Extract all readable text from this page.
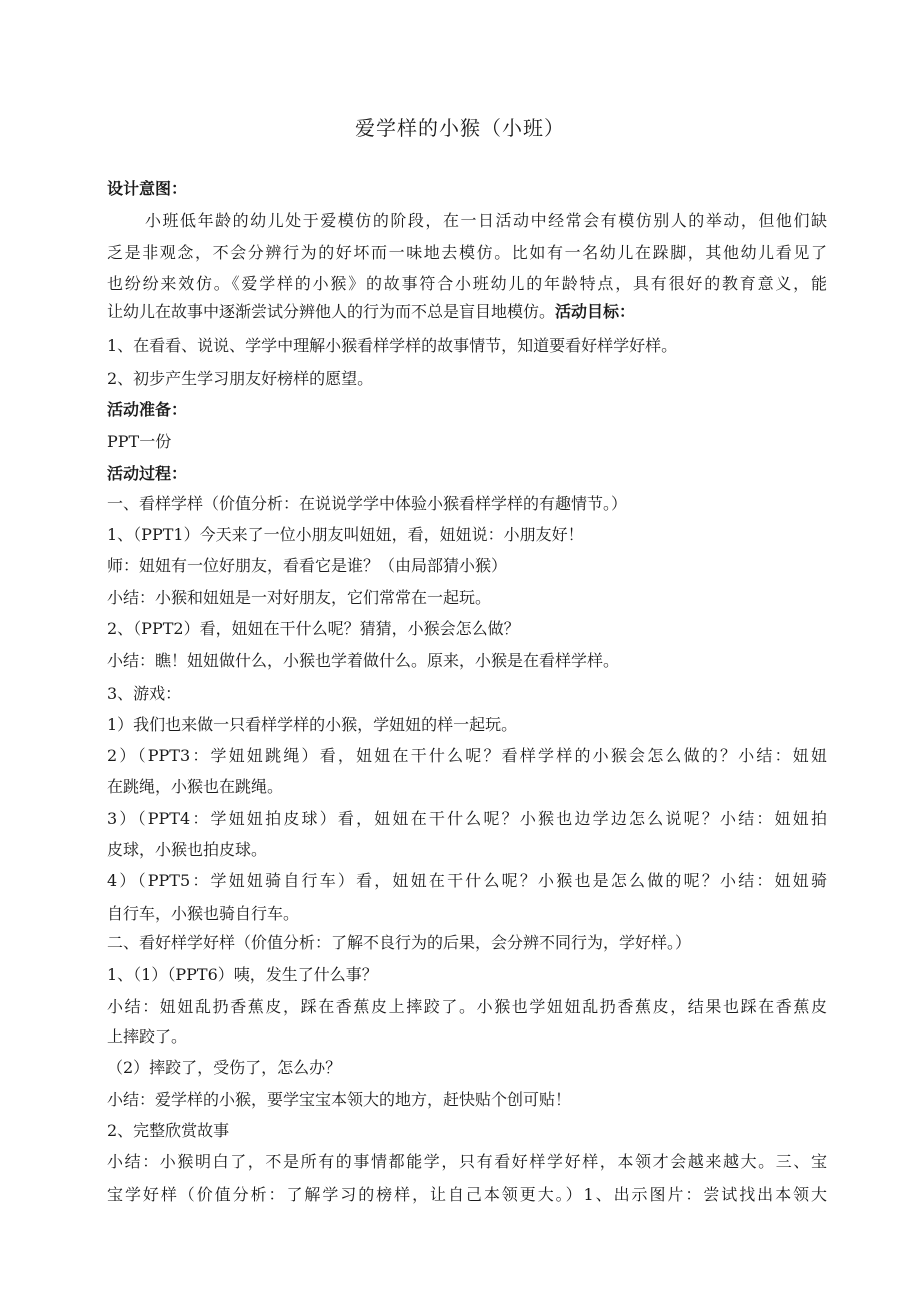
爱学样的小猴（小班）
设计意图：
小班低年龄的幼儿处于爱模仿的阶段，在一日活动中经常会有模仿别人的举动，但他们缺
乏是非观念，不会分辨行为的好坏而一味地去模仿。比如有一名幼儿在跺脚，其他幼儿看见了
也纷纷来效仿。《爱学样的小猴》的故事符合小班幼儿的年龄特点，具有很好的教育意义，能
让幼儿在故事中逐渐尝试分辨他人的行为而不总是盲目地模仿。活动目标：
1、在看看、说说、学学中理解小猴看样学样的故事情节，知道要看好样学好样。
2、初步产生学习朋友好榜样的愿望。
活动准备：
PPT一份
活动过程：
一、看样学样（价值分析：在说说学学中体验小猴看样学样的有趣情节。）
1、（PPT1）今天来了一位小朋友叫妞妞，看，妞妞说：小朋友好！
师：妞妞有一位好朋友，看看它是谁？（由局部猜小猴）
小结：小猴和妞妞是一对好朋友，它们常常在一起玩。
2、（PPT2）看，妞妞在干什么呢？猜猜，小猴会怎么做？
小结：瞧！妞妞做什么，小猴也学着做什么。原来，小猴是在看样学样。
3、游戏：
1）我们也来做一只看样学样的小猴，学妞妞的样一起玩。
2）（PPT3：学妞妞跳绳）看，妞妞在干什么呢？看样学样的小猴会怎么做的？小结：妞妞
在跳绳，小猴也在跳绳。
3）（PPT4：学妞妞拍皮球）看，妞妞在干什么呢？小猴也边学边怎么说呢？小结：妞妞拍
皮球，小猴也拍皮球。
4）（PPT5：学妞妞骑自行车）看，妞妞在干什么呢？小猴也是怎么做的呢？小结：妞妞骑
自行车，小猴也骑自行车。
二、看好样学好样（价值分析：了解不良行为的后果，会分辨不同行为，学好样。）
1、（1）（PPT6）咦，发生了什么事？
小结：妞妞乱扔香蕉皮，踩在香蕉皮上摔跤了。小猴也学妞妞乱扔香蕉皮，结果也踩在香蕉皮
上摔跤了。
（2）摔跤了，受伤了，怎么办？
小结：爱学样的小猴，要学宝宝本领大的地方，赶快贴个创可贴！
2、完整欣赏故事
小结：小猴明白了，不是所有的事情都能学，只有看好样学好样，本领才会越来越大。三、宝
宝学好样（价值分析：了解学习的榜样，让自己本领更大。）1、出示图片：尝试找出本领大
